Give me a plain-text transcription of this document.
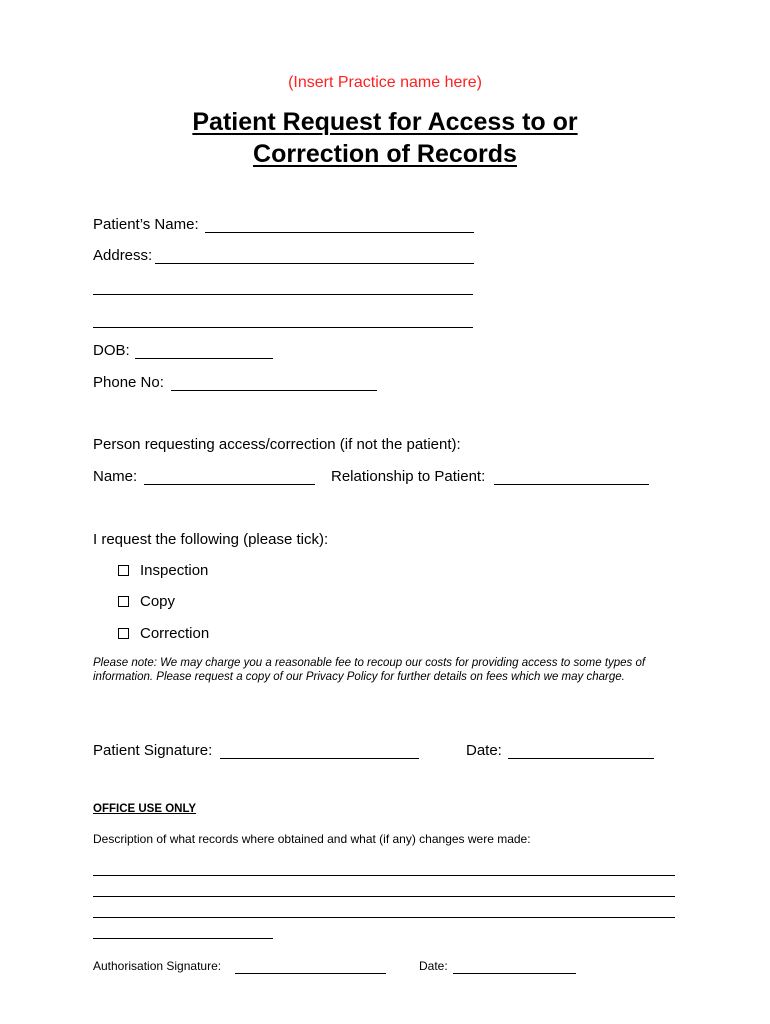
(Insert Practice name here)
Patient Request for Access to or
Correction of Records
Patient’s Name:
Address:
DOB:
Phone No:
Person requesting access/correction (if not the patient):
Name:	Relationship to Patient:
I request the following (please tick):
Inspection
Copy
Correction
Please note: We may charge you a reasonable fee to recoup our costs for providing access to some types of information. Please request a copy of our Privacy Policy for further details on fees which we may charge.
Patient Signature:	Date:
OFFICE USE ONLY
Description of what records where obtained and what (if any) changes were made:
Authorisation Signature:	Date:
